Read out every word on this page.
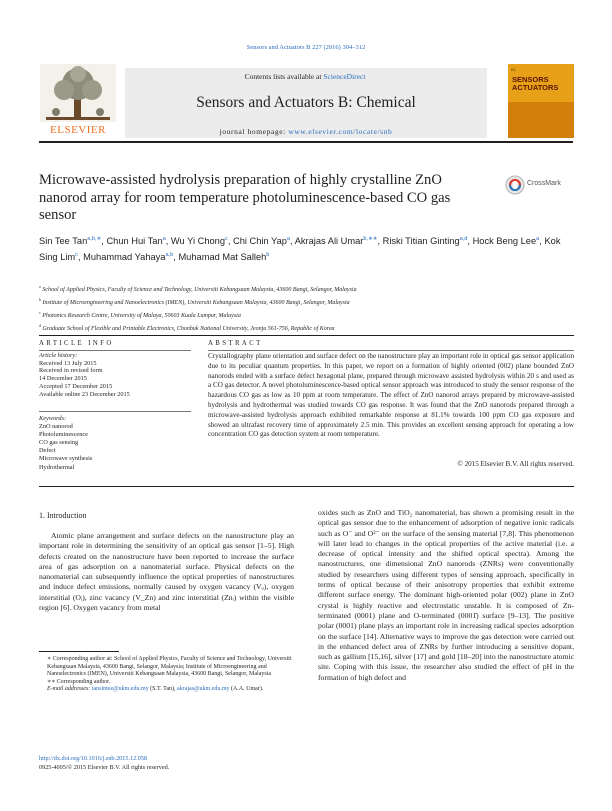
Sensors and Actuators B 227 (2016) 304–312
Contents lists available at ScienceDirect
Sensors and Actuators B: Chemical
journal homepage: www.elsevier.com/locate/snb
ELSEVIER
B1
SENSORS
ACTUATORS
Microwave-assisted hydrolysis preparation of highly crystalline ZnO nanorod array for room temperature photoluminescence-based CO gas sensor
CrossMark
Sin Tee Tan$^{a,b,∗}$, Chun Hui Tan$^a$, Wu Yi Chong$^c$, Chi Chin Yap$^a$, Akrajas Ali Umar$^{b,∗∗}$, Riski Titian Ginting$^{a,d}$, Hock Beng Lee$^a$, Kok Sing Lim$^c$, Muhammad Yahaya$^{a,b}$, Muhamad Mat Salleh$^b$
$^a$ School of Applied Physics, Faculty of Science and Technology, Universiti Kebangsaan Malaysia, 43600 Bangi, Selangor, Malaysia
$^b$ Institute of Microengineering and Nanoelectronics (IMEN), Universiti Kebangsaan Malaysia, 43600 Bangi, Selangor, Malaysia
$^c$ Photonics Research Centre, University of Malaya, 50603 Kuala Lumpur, Malaysia
$^d$ Graduate School of Flexible and Printable Electronics, Chonbuk National University, Jeonju 561-756, Republic of Korea
ARTICLE INFO
Article history:
Received 13 July 2015
Received in revised form
14 December 2015
Accepted 17 December 2015
Available online 23 December 2015
Keywords:
ZnO nanorod
Photoluminescence
CO gas sensing
Defect
Microwave synthesis
Hydrothermal
ABSTRACT

Crystallography plane orientation and surface defect on the nanostructure play an important role in optical gas sensor application due to its peculiar quantum properties. In this paper, we report on a formation of highly oriented (002) plane bounded ZnO nanorods ended with a surface defect hexagonal plane, prepared through microwave assisted hydrolysis within 20 s and used as a CO gas detector. A novel photoluminescence-based optical sensor approach was introduced to study the sensor response of the hazardous CO gas as low as 10 ppm at room temperature. The effect of ZnO nanorod arrays prepared by microwave-assisted hydrolysis and hydrothermal was studied towards CO gas response. It was found that the ZnO nanorods prepared through a microwave-assisted hydrolysis approach exhibited remarkable response at 81.1% towards 100 ppm CO gas exposure and showed an ultrafast recovery time of approximately 2.5 min. This provides an excellent sensing approach for operating a low concentration CO gas detection system at room temperature.

© 2015 Elsevier B.V. All rights reserved.
1. Introduction

Atomic plane arrangement and surface defects on the nanostructure play an important role in determining the sensitivity of an optical gas sensor [1–5]. High defects created on the nanostructure have been reported to increase the surface area of gas adsorption on a nanomaterial surface. Physical defects on the nanomaterial can subsequently influence the optical properties of nanostructures and induce defect emissions, normally caused by oxygen vacancy (Vₒ), oxygen interstitial (Oᵢ), zinc vacancy (V_Zn) and zinc interstitial (Znᵢ) within the visible region [6]. Oxygen vacancy from metal

oxides such as ZnO and TiO₂ nanomaterial, has shown a promising result in the optical gas sensor due to the enhancement of adsorption of negative ionic radicals such as O⁻ and O²⁻ on the surface of the sensing material [7,8]. This phenomenon will later lead to changes in the optical properties of the active material (i.e. a decrease of optical intensity and the shifted optical spectra). Among the nanostructures, one dimensional ZnO nanorods (ZNRs) were conventionally studied by researchers using different types of sensing approach, specifically in terms of optical because of their anisotropy properties that exhibit extreme different surface energy. The dominant high-oriented polar (002) plane in ZnO crystal is highly reactive and electrostatic unstable. It is composed of Zn-terminated (0001) plane and O-terminated (0001̄) surface [9–13]. The positive polar (0001) plane plays an important role in increasing radical species adsorption on the surface [14]. Alternative ways to improve the gas detection were carried out in the enhanced defect area of ZNRs by further introducing a sensitive dopant, such as gallium [15,16], silver [17] and gold [18–20] into the nanostructure atomic site. Coping with this issue, the researcher also studied the effect of pH in the formation of high defect and

∗ Corresponding author at: School of Applied Physics, Faculty of Science and Technology, Universiti Kebangsaan Malaysia, 43600 Bangi, Selangor, Malaysia; Institute of Microengineering and Nanoelectronics (IMEN), Universiti Kebangsaan Malaysia, 43600 Bangi, Selangor, Malaysia
∗∗ Corresponding author.
E-mail addresses: tansintee@ukm.edu.my (S.T. Tan), akrajas@ukm.edu.my (A.A. Umar).
http://dx.doi.org/10.1016/j.snb.2015.12.058
0925-4005/© 2015 Elsevier B.V. All rights reserved.
